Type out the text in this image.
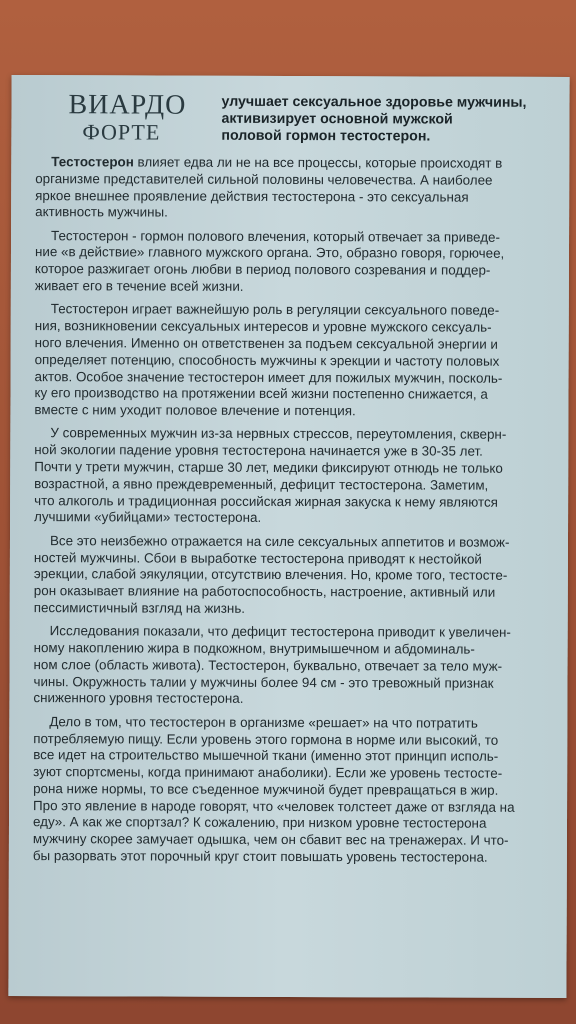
ВИАРДО
ФОРТЕ
улучшает сексуальное здоровье мужчины,
активизирует основной мужской
половой гормон тестостерон.
Тестостерон влияет едва ли не на все процессы, которые происходят в
организме представителей сильной половины человечества. А наиболее
яркое внешнее проявление действия тестостерона - это сексуальная
активность мужчины.
Тестостерон - гормон полового влечения, который отвечает за приведе-
ние «в действие» главного мужского органа. Это, образно говоря, горючее,
которое разжигает огонь любви в период полового созревания и поддер-
живает его в течение всей жизни.
Тестостерон играет важнейшую роль в регуляции сексуального поведе-
ния, возникновении сексуальных интересов и уровне мужского сексуаль-
ного влечения. Именно он ответственен за подъем сексуальной энергии и
определяет потенцию, способность мужчины к эрекции и частоту половых
актов. Особое значение тестостерон имеет для пожилых мужчин, посколь-
ку его производство на протяжении всей жизни постепенно снижается, а
вместе с ним уходит половое влечение и потенция.
У современных мужчин из-за нервных стрессов, переутомления, скверн-
ной экологии падение уровня тестостерона начинается уже в 30-35 лет.
Почти у трети мужчин, старше 30 лет, медики фиксируют отнюдь не только
возрастной, а явно преждевременный, дефицит тестостерона. Заметим,
что алкоголь и традиционная российская жирная закуска к нему являются
лучшими «убийцами» тестостерона.
Все это неизбежно отражается на силе сексуальных аппетитов и возмож-
ностей мужчины. Сбои в выработке тестостерона приводят к нестойкой
эрекции, слабой эякуляции, отсутствию влечения. Но, кроме того, тестосте-
рон оказывает влияние на работоспособность, настроение, активный или
пессимистичный взгляд на жизнь.
Исследования показали, что дефицит тестостерона приводит к увеличен-
ному накоплению жира в подкожном, внутримышечном и абдоминаль-
ном слое (область живота). Тестостерон, буквально, отвечает за тело муж-
чины. Окружность талии у мужчины более 94 см - это тревожный признак
сниженного уровня тестостерона.
Дело в том, что тестостерон в организме «решает» на что потратить
потребляемую пищу. Если уровень этого гормона в норме или высокий, то
все идет на строительство мышечной ткани (именно этот принцип исполь-
зуют спортсмены, когда принимают анаболики). Если же уровень тестосте-
рона ниже нормы, то все съеденное мужчиной будет превращаться в жир.
Про это явление в народе говорят, что «человек толстеет даже от взгляда на
еду». А как же спортзал? К сожалению, при низком уровне тестостерона
мужчину скорее замучает одышка, чем он сбавит вес на тренажерах. И что-
бы разорвать этот порочный круг стоит повышать уровень тестостерона.
